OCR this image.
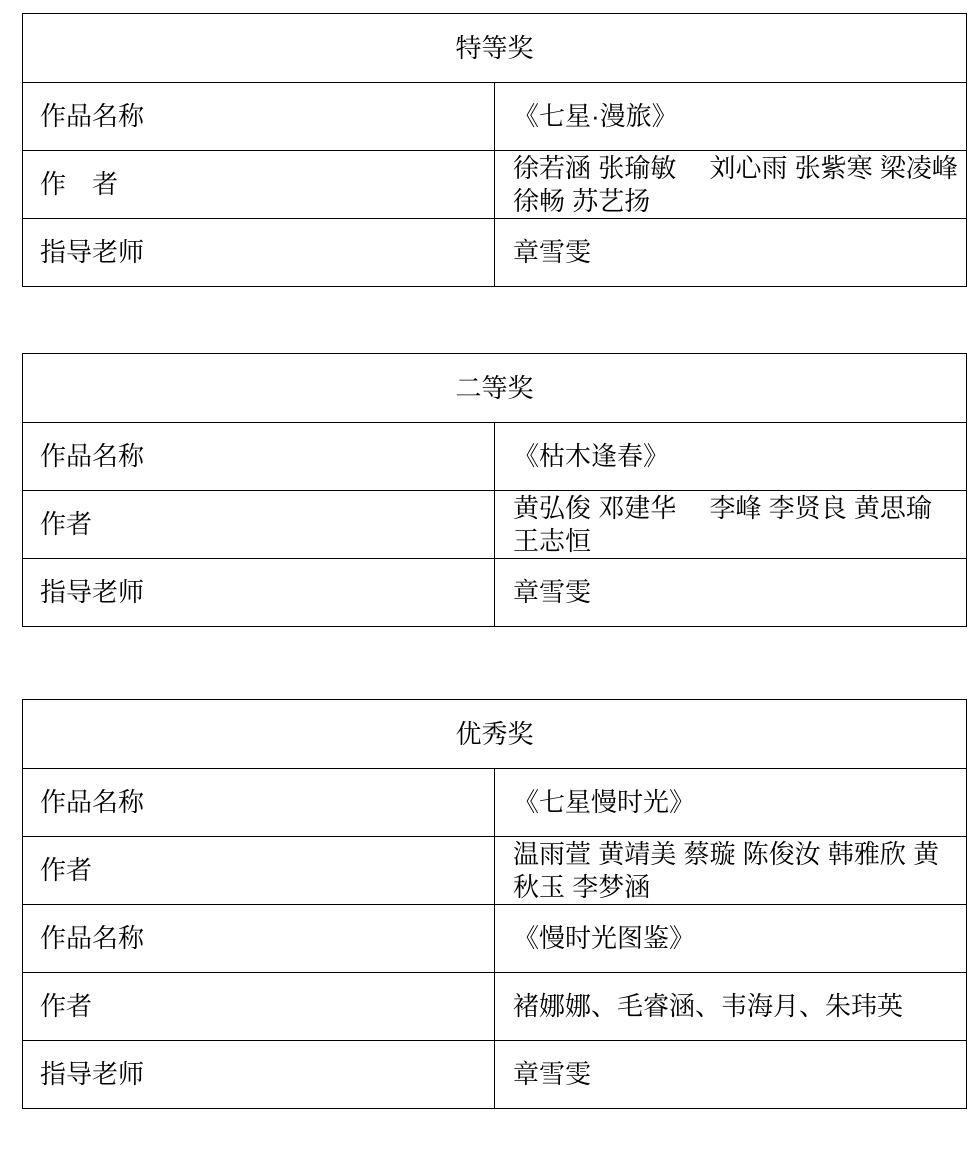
特等奖	
作品名称	《七星·漫旅》
作　者	徐若涵 张瑜敏　 刘心雨 张紫寒 梁凌峰 徐畅 苏艺扬
指导老师	章雪雯
二等奖	
作品名称	《枯木逢春》
作者	黄弘俊 邓建华　 李峰 李贤良 黄思瑜 王志恒
指导老师	章雪雯
优秀奖	
作品名称	《七星慢时光》
作者	温雨萱 黄靖美 蔡璇 陈俊汝 韩雅欣 黄秋玉 李梦涵
作品名称	《慢时光图鉴》
作者	褚娜娜、毛睿涵、韦海月、朱玮英
指导老师	章雪雯
